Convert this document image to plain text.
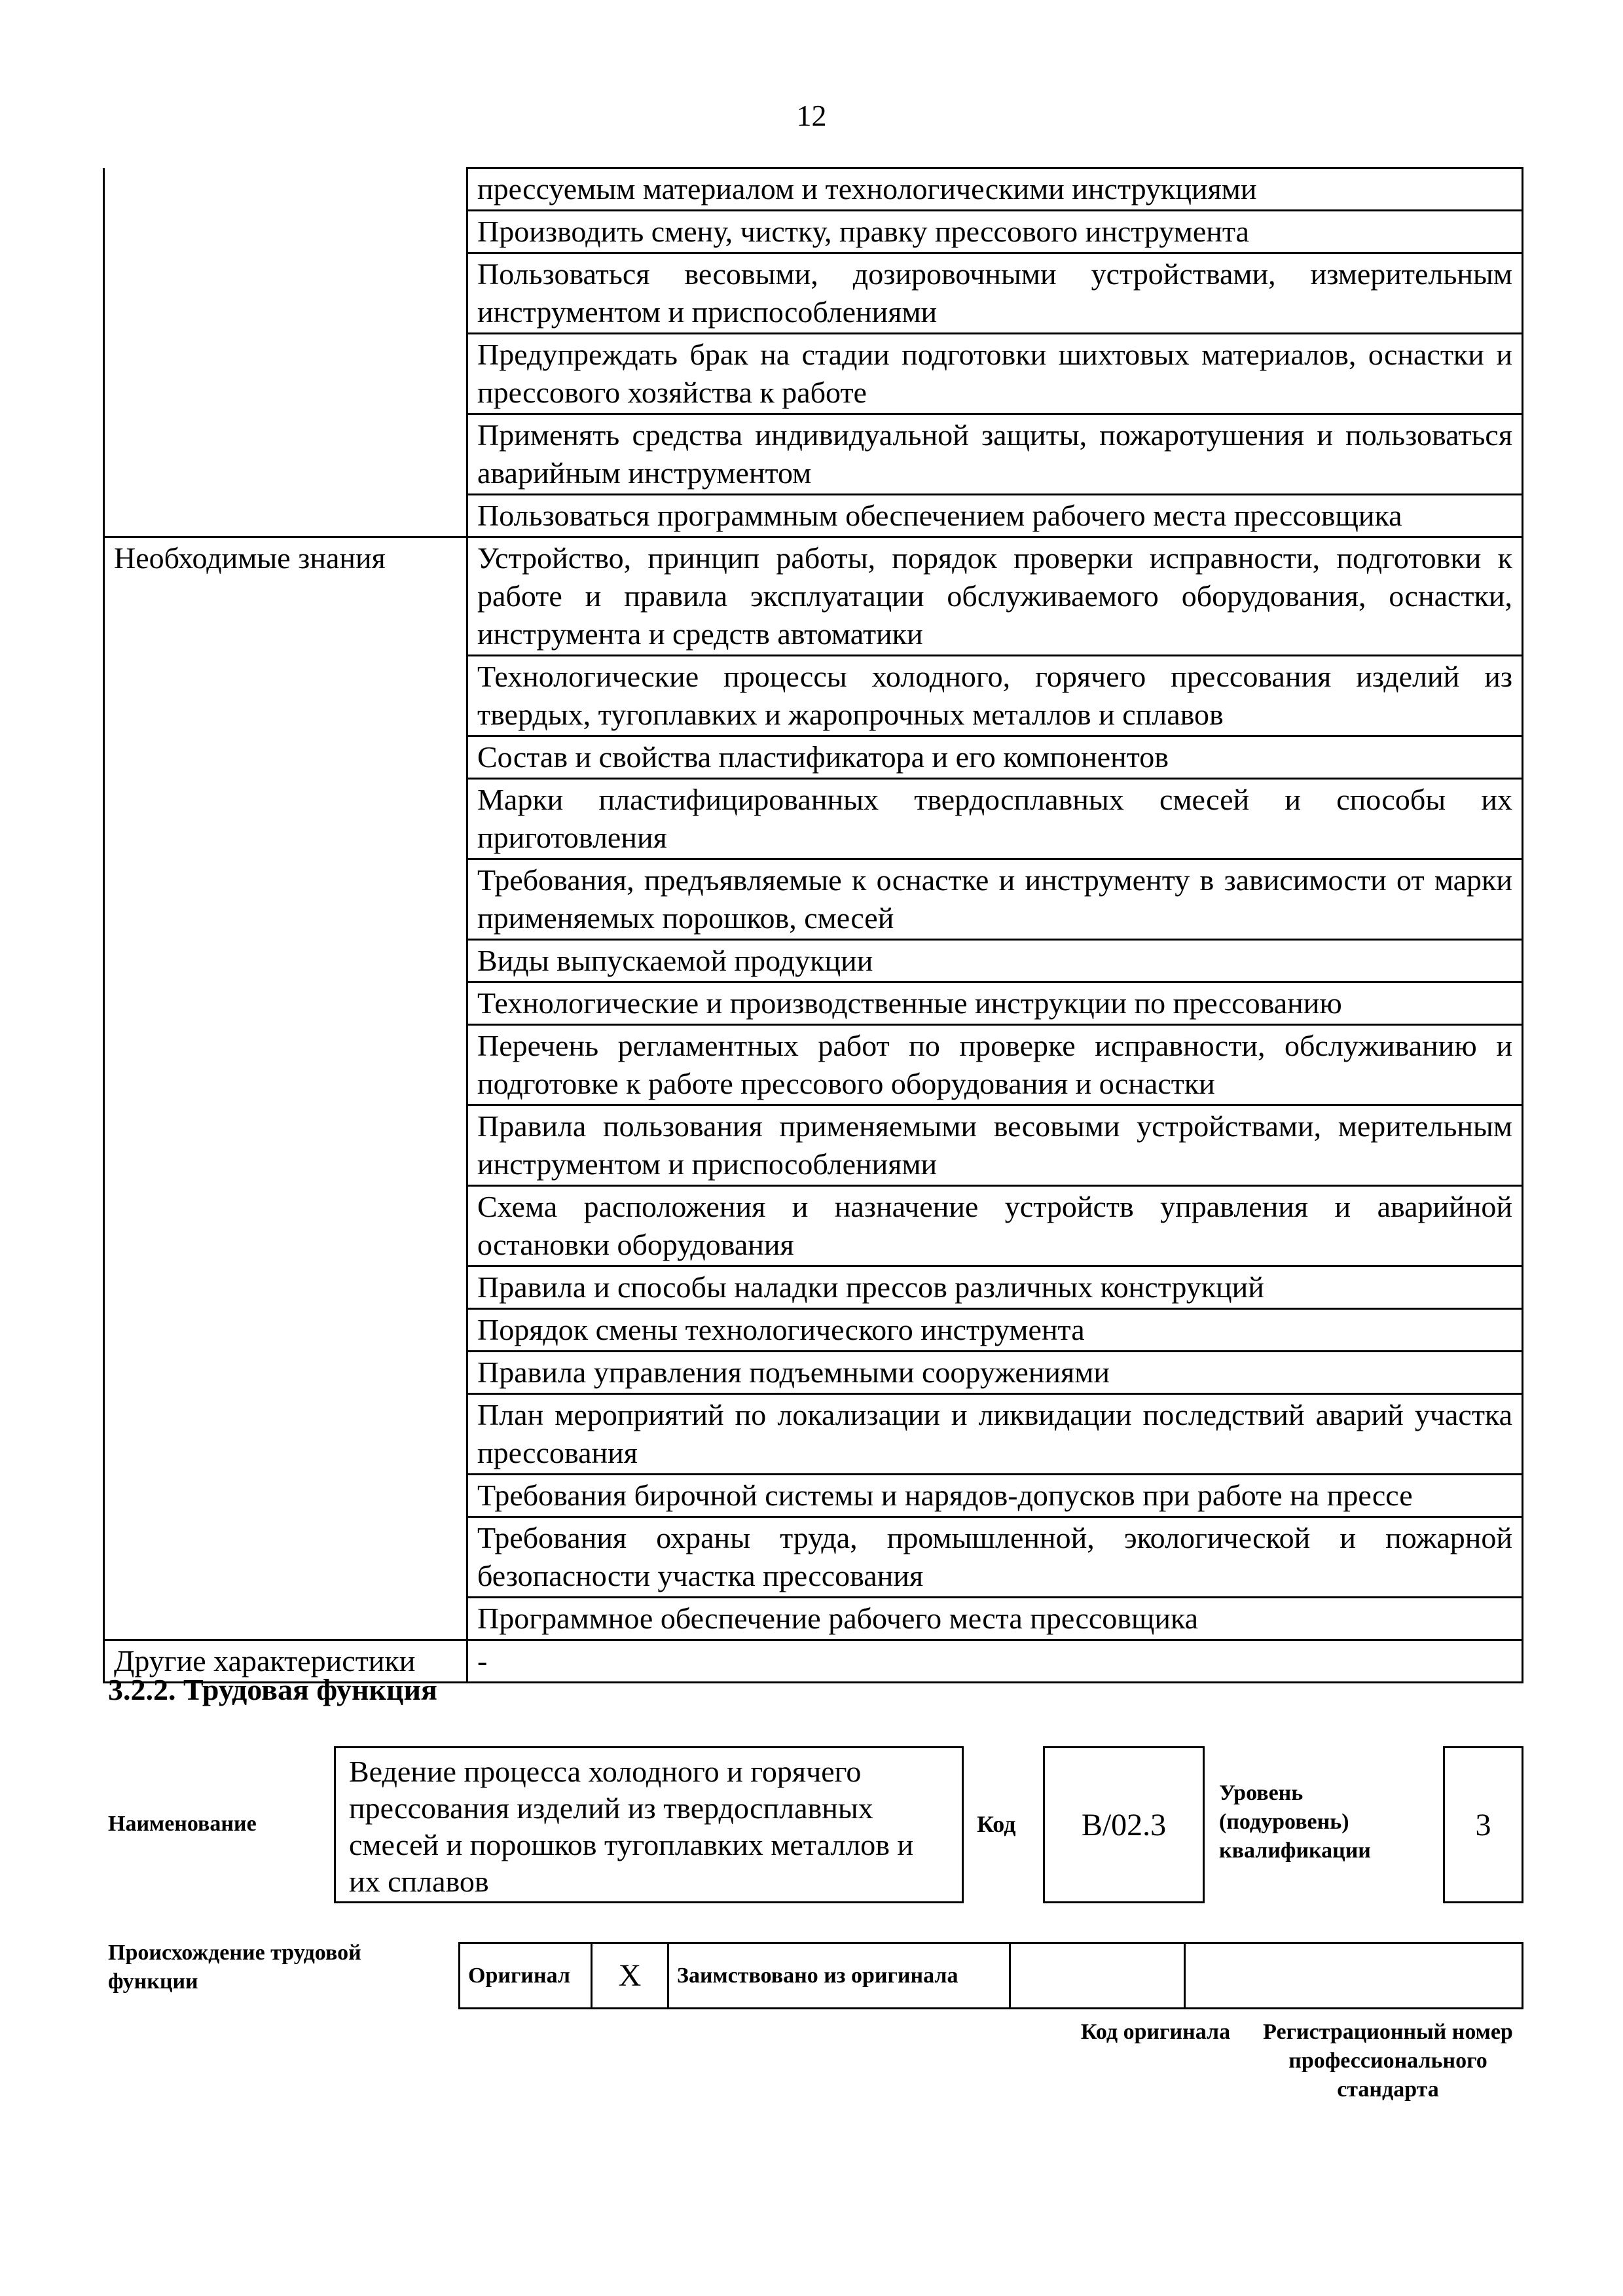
12
	прессуемым материалом и технологическими инструкциями
	Производить смену, чистку, правку прессового инструмента
	Пользоваться весовыми, дозировочными устройствами, измерительным инструментом и приспособлениями
	Предупреждать брак на стадии подготовки шихтовых материалов, оснастки и прессового хозяйства к работе
	Применять средства индивидуальной защиты, пожаротушения и пользоваться аварийным инструментом
	Пользоваться программным обеспечением рабочего места прессовщика
Необходимые знания	Устройство, принцип работы, порядок проверки исправности, подготовки к работе и правила эксплуатации обслуживаемого оборудования, оснастки, инструмента и средств автоматики
	Технологические процессы холодного, горячего прессования изделий из твердых, тугоплавких и жаропрочных металлов и сплавов
	Состав и свойства пластификатора и его компонентов
	Марки пластифицированных твердосплавных смесей и способы их приготовления
	Требования, предъявляемые к оснастке и инструменту в зависимости от марки применяемых порошков, смесей
	Виды выпускаемой продукции
	Технологические и производственные инструкции по прессованию
	Перечень регламентных работ по проверке исправности, обслуживанию и подготовке к работе прессового оборудования и оснастки
	Правила пользования применяемыми весовыми устройствами, мерительным инструментом и приспособлениями
	Схема расположения и назначение устройств управления и аварийной остановки оборудования
	Правила и способы наладки прессов различных конструкций
	Порядок смены технологического инструмента
	Правила управления подъемными сооружениями
	План мероприятий по локализации и ликвидации последствий аварий участка прессования
	Требования бирочной системы и нарядов-допусков при работе на прессе
	Требования охраны труда, промышленной, экологической и пожарной безопасности участка прессования
	Программное обеспечение рабочего места прессовщика
Другие характеристики	-
3.2.2. Трудовая функция
Наименование
Ведение процесса холодного и горячего прессования изделий из твердосплавных смесей и порошков тугоплавких металлов и их сплавов
Код	B/02.3
Уровень (подуровень) квалификации
3
Происхождение трудовой функции	Оригинал	X	Заимствовано из оригинала		
Код оригинала	Регистрационный номер профессионального стандарта
